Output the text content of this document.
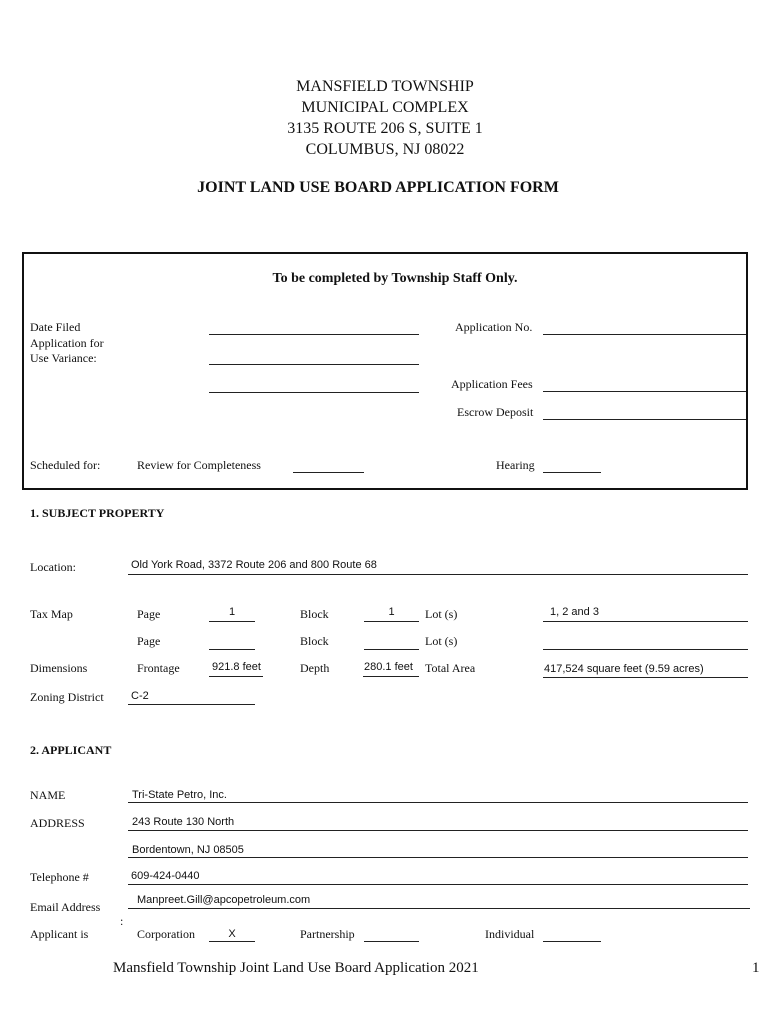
MANSFIELD TOWNSHIP
MUNICIPAL COMPLEX
3135 ROUTE 206 S, SUITE 1
COLUMBUS, NJ 08022
JOINT LAND USE BOARD APPLICATION FORM
To be completed by Township Staff Only.
Date Filed
Application for
Use Variance:
Application No.
Application Fees
Escrow Deposit
Scheduled for:	Review for Completeness	Hearing
1. SUBJECT PROPERTY
Location:	Old York Road, 3372 Route 206 and 800 Route 68
Tax Map	Page	1	Block	1	Lot (s)	1, 2 and 3
Page	Block	Lot (s)
Dimensions	Frontage	921.8 feet	Depth	280.1 feet Total Area	417,524 square feet (9.59 acres)
Zoning District C-2
2. APPLICANT
NAME	Tri-State Petro, Inc.
ADDRESS	243 Route 130 North
Bordentown, NJ 08505
Telephone #	609-424-0440
Email Address	Manpreet.Gill@apcopetroleum.com
Applicant is
:
Corporation	X	Partnership	Individual
Mansfield Township Joint Land Use Board Application 2021	1
